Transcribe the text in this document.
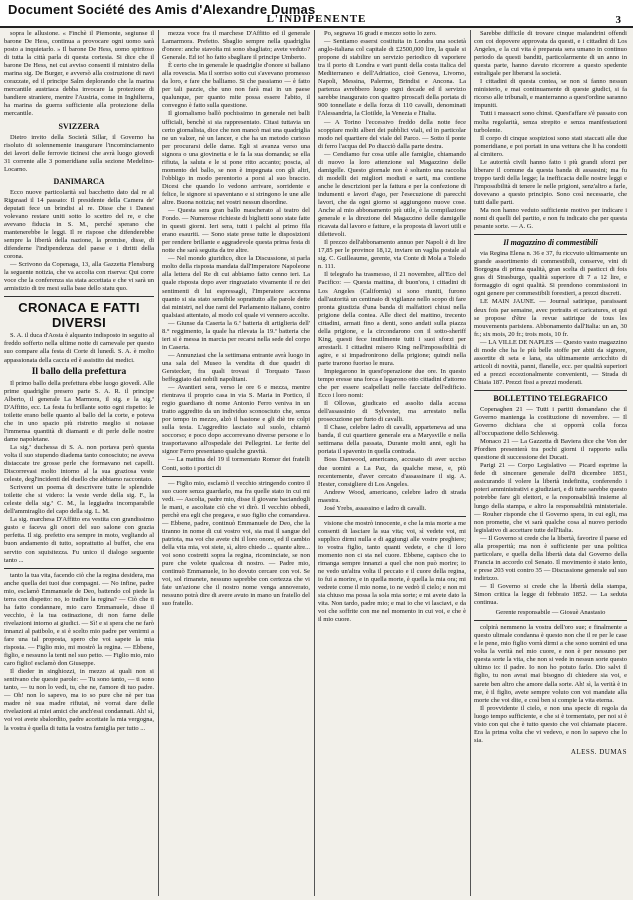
Document Société des Amis d'Alexandre Dumas
L'INDIPENENTE	3

sopra le allusione. « Finchè il Piemonte, segiunse il barone De Hess, continua a provocare ogni uomo sarà posto a inquietarlo. » Il barone De Hess, uomo spiritoso di tutta la città parla di questa cortesia. Si dice che il barone De Hess, nei cui avviso consenti il ministro della marina sig. De Burger, e avversò alla costruzione di navi corazzate, ed il principe Salm deplorando che la marina mercantile austriaca debba invocare la protezione di bandiere straniere, mentre l'Austria, come in Inghilterra, ha marina da guerra sufficiente alla protezione della mercantile.

SVIZZERA

Dietro invito della Società Sillar, il Governo ha risoluto di solennemente inaugurare l'incominciamento dei lavori delle ferrovie ticinesi che avrà luogo giovedì 31 corrente alle 3 pomeridiane sulla sezione Medelino-Locarno.

DANIMARCA

Ecco nuove particolarità sul bacchetto dato dal re al Rigsraad il 14 passato: Il presidente della Camera de' deputati fece un brindisi al re. Disse che i Danesi volevano restare uniti sotto lo scettro del re, e che avevano fiducia in S. M., perché sperano che mantenerebbe le leggi. Il re rispose che difenderebbe sempre la libertà della nazione, la promise, disse, di difenderne l'indipendenza del paese e i diritti della corona.

— Scrivono da Copenaga, 13, alla Gazzetta Flensburg la seguente notizia, che va accolta con riserva: Qui corre voce che la conferenza sia stata accettata e che vi sarà un armistizio di tre mesi sulla base dello statu quo.

CRONACA E FATTI DIVERSI

S. A. il duca d'Aosta è alquanto indisposto in seguito al freddo sofferto nella ultime notte di carnevale per questo suo compare alla festa di Corte di lunedì. S. A. è molto appassionata della caccia ed è assistito dai medici.

Il ballo della prefettura

Il primo ballo della prefettura ebbe luogo giovedì. Alle prime quadriglie presero parte S. A. R. il principe Alberto, il generale La Marmora, il sig. e la sig.ª D'Affitto, ecc. La festa fu brillante sotto ogni rispetto: le toilette erano belle quanto al ballo del la corte, e poteva che in uno spazio più ristretto meglio si notasse l'immensa quantità di diamanti e di perle delle nostre dame napoletane.

La sig.ª duchessa di S. A. non portava però questa volta il suo stupendo diadema tanto conosciuto; ne aveva distaccate tre grosse perle che formavano nei capelli. Discorrevasi molto intorno al la sua graziosa veste celeste, degl'incidenti del duello che abbiamo raccontato.

Scriverei un poema di descrivere tutte le splendide toilette che si videro: la veste verde della sig. F., la celeste della sig.ª C. M., la leggiadra incomparabile dell'ammiraglio del capo della sig. L. M.

La sig. marchesa D'Affitto era vestita con grandissimo gusto e faceva gli onori del suo salone con grazia perfetta. Il sig. prefetto era sempre in moto, vegliando al buon andamento di tutto, soprattutto al buffet, che era servito con squisitezza. Fu unico il dialogo seguente tanto ...

tanto la tua vita, facendo ciò che la regina desidera, ma anche quella dei tuoi due compagni. — No infine, padre mio, esclamò Emmanuele de Deo, battendo col piede la terra con dispetto: no, io tradire la regina? — Ciò che ti ha fatto condannare, mio caro Emmanuele, disse il vecchio, è la tua ostinazione, di non farne delle rivelazioni intorno ai giudici. — Sì! e si spera che ne farò innanzi al patibolo, e si è scelto mio padre per venirmi a fare una tal proposta, spero che voi sapete la mia risposta. — Figlio mio, mi mostrò la regina. — Ebbene, figlio, e nessuno la tenti nel suo petto. — Figlio mio, mio caro figlio! esclamò don Giuseppe.

Il dieder in singhiozzi, in mezzo ai quali non si sentivano che queste parole: — Tu sono tanto, — ti sono tanto, — tu non lo vedi, tu, che ne, t'amore di tuo padre. — Oh! non lo sapevo, ma io so pure che nè per tua madre nè sua madre rifiutai, nè vorrai dare delle rivelazioni ai miei amici che anch'essi condannati. Ah! sì, voi voi avete sbalordito, padre accettate la mia vergogna, la vostra è quella di tutta la vostra famiglia per tutto ...

mezza voce fra il marchese D'Affitto ed il generale Lamarmora. Prefetto. Sbaglio sempre nella quadriglia d'onore: anche stavolta mi sono sbagliato; avete veduto? Generale. Ed io! ho fatto sbagliare il principe Umberto.

È certo che in generale le quadriglie d'onore si ballano alla rovescia. Ma il sorriso sotto cui s'avevano promesso da loro, e fare che balliamo. Si che passiamo — è fatto per tali pazzie, che uno non farà mai in un paese qualunque, per quanto mite possa essere l'abito, il convegno è fatto sulla questione.

Il giornalismo ballò pochissimo in generale nei balli ufficiali, benchè si sia rappresentato. Citasi tuttavia un certo giornalista, dice che non mancò mai una quadriglia ne un valzer, nè un lancer, e che ha un metodo curioso per procurarsi delle dame. Egli si avanza verso una signora o una giovinetta e le fa la sua domanda; se ella rifiuta, la saluta e le si pone ritto accanto; poscia, al momento del ballo, se non è impegnata con gli altri, l'obbligo in modo perentorio a porsi al suo braccio. Dicesi che quando lo vedono arrivare, sorridente e felice, le signore si spaventano e si stringono le une alle altre. Buona notizia; nei vostri nessun disordine.

— Questa sera gran ballo mascherato al teatro del Fondo. — Numerose richieste di biglietti sono state fatte in questi giorni. Ieri sera, tutti i palchi al primo fila erano esauriti. — Sono state prese tutte le disposizioni per rendere brillante e aggradevole questa prima festa di notte che sarà seguita da tre altre.

— Nel mondo giuridico, dice la Discussione, si parla molto della risposta mandata dall'Imperatore Napoleone alla lettera del Re di cui abbiamo fatto cenno ieri. La quale risposta dopo aver ringraziato vivamente il re dei sentimenti di lui espressagli, l'Imperatore accenna quanto si sia stato sensibile soprattutto alle parole dette dai ministri, nel due rami del Parlamento italiano, contro qualsiasi attentato, al modo col quale vi vennero accolte.

— Giunse da Caserta la 6.ª batteria di artiglieria dell' 8.° reggimento, la quale ha rilevata la 19.ª batteria che ieri si è messa in marcia per recarsi nella sede del corpo in Caserta.

— Annunziasi che la settimana entrante avrà luogo in una sala del Museo la vendita di due quadri di Gerstecker, fra quali trovasi il Torquato Tasso beffeggiato dai nobili napolitani.

— Avantieri sera, verso le ore 6 e mezza, mentre rientrava il proprio casa in via S. Maria in Portico, il regio guardiano di nome Antonio Ferro veniva in un tratto aggredito da un individuo sconosciuto che, senza por tempo in mezzo, alzò il bastone e gli diè tre colpi sulla testa. L'aggredito lasciato sul suolo, chiamò soccorso; e poco dopo accorrevano diverse persone e lo trasportavano all'ospedale dei Pellegrini. Le ferite del signor Ferro presentano qualche gravità.

— La mattina del 19 il tormentato Romor dei fratelli Conti, sotto i portici di

— Figlio mio, esclamò il vecchio stringendo contro il suo cuore senza guardarlo, ma fra quelle stato in cui mi vedi. — Ascolta, padre mio, disse il giovane baciandogli le mani, e ascoltate ciò che vi dirò. Il vecchio obbedì, perchè era egli che pregava, e suo figlio che comandava. — Ebbene, padre, continuò Emmanuele de Deo, che la tiranno in nome di cui vostro voi, sia mai il sangue del patriota, ma voi che avete chi il loro onore, ed il cambio della vita mia, voi siete, sì, altro chiedo ... quante altre... voi sono costretti sopra la regina, ricominciate, se non pure che volete qualcosa di nostro. — Padre mio, continuò Emmanuele, io ho dovuto cercare con voi. Se voi, sol rimanete, nessuno saprebbe con certezza che vi fate un'azione che il nostro nome venga annoverato, nessuno potrà dire di avere avuto in mano un fratello del suo fratello.

Po, segnava 16 gradi e mezzo sotto lo zero.

— Sentiamo essersi costituita in Londra una società anglo-italiana col capitale di £2500,000 lire, la quale si propone di stabilire un servizio periodico di vaporiere tra il porto di Londra e vari punti della costa italica del Mediterraneo e dell'Adriatico, cioè Genova, Livorno, Napoli, Messina, Palermo, Brindisi e Ancona. La partenza avrebbero luogo ogni decade ed il servizio sarebbe inaugurato con quattro piroscafi della portata di 900 tonnellate e della forza di 110 cavalli, denominati l'Alessandria, la Clotilde, la Venezia e l'Italia.

— A Torino l'eccessivo freddo della notte fece scoppiare molti alberi dei pubblici viali, ed in particolar modo nel quartiere del viale del Parco. — Sotto il ponte di ferro l'acqua del Po diacciò dalla parte destra.

— Cendiamo fur cosa utile alle famiglie, chiamando di nuovo la loro attenzione sul Magazzino delle damigelle. Questo giornale non è soltanto una raccolta di modelli dei migliori modisti e sarti, ma contiene anche le descrizioni per la fattura e per la confezione di indumenti e lavori d'ago, per l'esecuzione di parecchi lavori, che da ogni giorno si aggiungono nuove cose. Anche al mio abbonamento più utile, è la compilazione generale e la direzione del Magazzino delle damigelle ricavata dal lavoro e fatture, e la proposta di lavori utili e dilettevoli.

Il prezzo dell'abbonamento annuo per Napoli è di lire 17,85 per le province 18,12, inviare un vaglia postale al sig. C. Guilleaume, gerente, via Conte di Mola a Toledo n. 111.

Il telegrafo ha trasmesso, il 21 novembre, all'Eco del Pacifico: — Questa mattina, di buon'ora, i cittadini di Los Angeles (California) si sono riuniti, furono dall'autorità un centinaio di vigilanze nello scopo di fare pronta giustizia d'una banda di malfattori chiusi nella prigione della contea. Alle dieci del mattino, trecento cittadini, armati fino a denti, sono andati sulla piazza della prigione, e la circondarono con il sotto-sheriff King, questi fece inutilmente tutti i suoi sforzi per arrestarli. I cittadini misero King nell'impossibilità di agire, e si impadronirono della prigione; quindi nella parte trarono fuoriso le mura.

Impiegarono in quest'operazione due ore. In questo tempo eresse una forca e legarono otto cittadini d'attorno che per essere scalpellati nelle facciate dell'edificio. Ecco i loro nomi:

Il Ollovas, giudicato ed assolto dalla accusa dell'assassinio di Sylvester, ma arrestato nella prosecuzione per furto di cavalli.

Il Chase, celebre ladro di cavalli, apparteneva ad una banda, il cui quartiere generale era a Marysville e nella settimana della passata, Durante molti anni, egli ha portata il spavento in quella contrada.

Boss Danwood, americano, accusato di aver ucciso due uomini a La Paz, da qualche mese, e, più recentemente, d'aver cercato d'assassinare il sig. A. Hester, consigliere di Los Angeles.

Andrew Wood, americano, celebre ladro di strada maestra.

José Yrebs, assassino e ladro di cavalli.

visione che mostrò innocente, e che la mia morte a me consenti di lasciare la sua vita; voi, sì vedete voi, mi supplico dirmi nulla e di aggiungi alle vostre preghiere; io vostra figlio, tanto quanti vedete, e che il loro momento non ci sta nel cuore. Ebbene, capisco che io rimanga sempre innanzi a quel che non può morire; io ne vedo un'altra volta il peccato e il cuore della regina, io fui a morire, e in quella morte, è quella la mia ora; mi vedrete come il mio nome, io ne vedrò il cielo; e non mi sia chiuso ma possa la sola mia sorte; e mi avete dato la vita. Non tardo, padre mio; e mai io che vi lasciavi, e da voi che soffrite con me nel momento in cui voi, e che è il mio cuore.

Sarebbe difficile di trovare cinque malandrini offendi con coi dopovere approvata da questi, e i cittadini di Los Angeles, e la cui vita è preparata sera umano in continuo periodo da questi banditi, particolarmente di un anno in questa parte, hanno davuto ricorrere a questo spedente estraligale per liberarsi la società.

I cittadini di questa contea, se non si fanno nessun ministerio, e mai continuamente di queste giudici, si fa ricorso alle tribunali, e manterranno a quest'ordine saranno impuniti.

Tutti i massacri sono chinsi. Quest'affare s'è passato con molta regolarità, senza strepito e senza manifestazioni turbolente.

Il corpo di cinque sospiziosi sono stati staccati alle due pomeridiane, e poi portati in una vettura che li ha condotti al cimitero.

Le autorità civili hanno fatto i più grandi sforzi per liberare il comune da questa banda di assassini; ma fu troppo tardi della legge; la inefficacia delle nostre leggi e l'impossibilità di tenere le nelle prigioni, senz'altro a farle, dovevano a questo principio. Sono così necessarie, che tutti dalle parti.

Ma non hanno veduto sufficiente motivo per indicare i nomi di quelli del partito, e non fu indicato che per questa pesante sorte. — A. G.

Il magazzino di commestibili

via Regina Elena n. 36 e 37, fu riccvuto ultimamente un grande assortimento di commestibili, conserve, vini di Borgogna di prima qualità, gran scelta di pasticci di fois gras di Strasburgo, qualità superiore di 7 a 12 lire, e formaggio di ogni qualità. Si prendono commissioni in ogni genere per commestibili forestieri, a prezzi discreti.

LE MAIN JAUNE. — Journal satirique, paraissant deux fois par semaine, avec portraits et caricatures, et qui se propose d'être la revue satirique de tous les mouvements parisiens. Abbonamento dall'Italia: un an, 30 fr.; six mois, 20 fr.; trois mois, 10 fr.

— LA VILLE DE NAPLES — Questo vasto magazzino di mode che ha le più belle stoffe per abiti da signore, assortite di seta e lana, sta ultimamente arricchito di articoli di novità, panni, flanelle, ecc. per qualità superiori ed a prezzi eccezionalmente convenienti, — Strada di Chiaia 187. Prezzi fissi a prezzi moderati.

BOLLETTINO TELEGRAFICO

Copenaghen 21 — Tutti i partiti domandano che il Governo mantenga la costituzione di novembre. — Il Governo dichiara che si opporrà colla forza all'occupazione dello Schleswig.

Monaco 21 — La Gazzetta di Baviera dice che Von der Pfordten presenterà tra pochi giorni il rapporto sulla questione di successione dei Ducati.

Parigi 21 — Corpo Legislativo — Picard esprime la fede di sincerare generale dell'8 dicembre 1851, assicurando il volere la libertà indefinita, conferendo i poteri amministrativi e giudiziari, e di tutte sarebbe questo potrebbe fare gli elettori, e la responsabilità insieme al lungo della stampa, e altro la responsabilità ministeriale. — Rouher risponde che il Governo spera, in cui egli, ma non promette, che vi sarà qualche cosa al nuovo periodo legislativo di accettare tutte dell'Italia.

— Il Governo si crede che la libertà, favorire il paese ed alla prosperità; ma non è sufficiente per una politica particolare, e quella della libertà data dal Governo della Francia in accordo col Senato. Il movimento è stato lento, e prese 203 voti contro 35 — Discussione generale sul suo indirizzo.

— Il Governo si crede che la libertà della stampa, Simon critica la legge di febbraio 1852. — La seduta continua.

Gerente responsabile — Giosuè Anastasio

colpirà nemmeno la vostra dell'oro sue; e finalmente a questo ulimale condanna è questo non che il re per le case e le pene, mio figlio vorrà dirmi a che sono uomini ed una volta la verità nel mio cuore, e non è per nessuno per questa sorte la vita, che non si vede in nessun sorte questo ultimo io: il padre. Io non ho potuto farlo. Dio salvi il figlio, tu non avrai mai bisogno di chiedere sia voi, e sarete ben altro che amore dalla sorte. Ah! sì, la verità è in me, è il figlio, avete sempre voluto con voi mandate alla morte che voi dite, e così ben si compie la vita eterna.

Il provvidente il cielo, e non una specie di regola da luogo tempo sufficiente, e che si è tormentato, per noi si è visto con qui che è tutto questo che voi chiamate piacere. Era la prima volta che vi vedevo, e non lo sapevo che lo sia.

ALESS. DUMAS
